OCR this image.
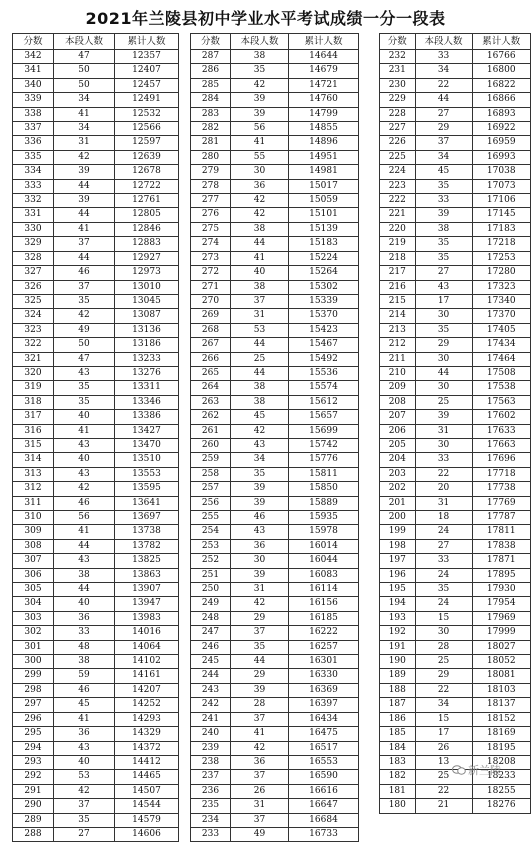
2021年兰陵县初中学业水平考试成绩一分一段表
分数	本段人数	累计人数
342	47	12357
341	50	12407
340	50	12457
339	34	12491
338	41	12532
337	34	12566
336	31	12597
335	42	12639
334	39	12678
333	44	12722
332	39	12761
331	44	12805
330	41	12846
329	37	12883
328	44	12927
327	46	12973
326	37	13010
325	35	13045
324	42	13087
323	49	13136
322	50	13186
321	47	13233
320	43	13276
319	35	13311
318	35	13346
317	40	13386
316	41	13427
315	43	13470
314	40	13510
313	43	13553
312	42	13595
311	46	13641
310	56	13697
309	41	13738
308	44	13782
307	43	13825
306	38	13863
305	44	13907
304	40	13947
303	36	13983
302	33	14016
301	48	14064
300	38	14102
299	59	14161
298	46	14207
297	45	14252
296	41	14293
295	36	14329
294	43	14372
293	40	14412
292	53	14465
291	42	14507
290	37	14544
289	35	14579
288	27	14606
分数	本段人数	累计人数
287	38	14644
286	35	14679
285	42	14721
284	39	14760
283	39	14799
282	56	14855
281	41	14896
280	55	14951
279	30	14981
278	36	15017
277	42	15059
276	42	15101
275	38	15139
274	44	15183
273	41	15224
272	40	15264
271	38	15302
270	37	15339
269	31	15370
268	53	15423
267	44	15467
266	25	15492
265	44	15536
264	38	15574
263	38	15612
262	45	15657
261	42	15699
260	43	15742
259	34	15776
258	35	15811
257	39	15850
256	39	15889
255	46	15935
254	43	15978
253	36	16014
252	30	16044
251	39	16083
250	31	16114
249	42	16156
248	29	16185
247	37	16222
246	35	16257
245	44	16301
244	29	16330
243	39	16369
242	28	16397
241	37	16434
240	41	16475
239	42	16517
238	36	16553
237	37	16590
236	26	16616
235	31	16647
234	37	16684
233	49	16733
分数	本段人数	累计人数
232	33	16766
231	34	16800
230	22	16822
229	44	16866
228	27	16893
227	29	16922
226	37	16959
225	34	16993
224	45	17038
223	35	17073
222	33	17106
221	39	17145
220	38	17183
219	35	17218
218	35	17253
217	27	17280
216	43	17323
215	17	17340
214	30	17370
213	35	17405
212	29	17434
211	30	17464
210	44	17508
209	30	17538
208	25	17563
207	39	17602
206	31	17633
205	30	17663
204	33	17696
203	22	17718
202	20	17738
201	31	17769
200	18	17787
199	24	17811
198	27	17838
197	33	17871
196	24	17895
195	35	17930
194	24	17954
193	15	17969
192	30	17999
191	28	18027
190	25	18052
189	29	18081
188	22	18103
187	34	18137
186	15	18152
185	17	18169
184	26	18195
183	13	18208
182	25	18233
181	22	18255
180	21	18276
新兰陵
